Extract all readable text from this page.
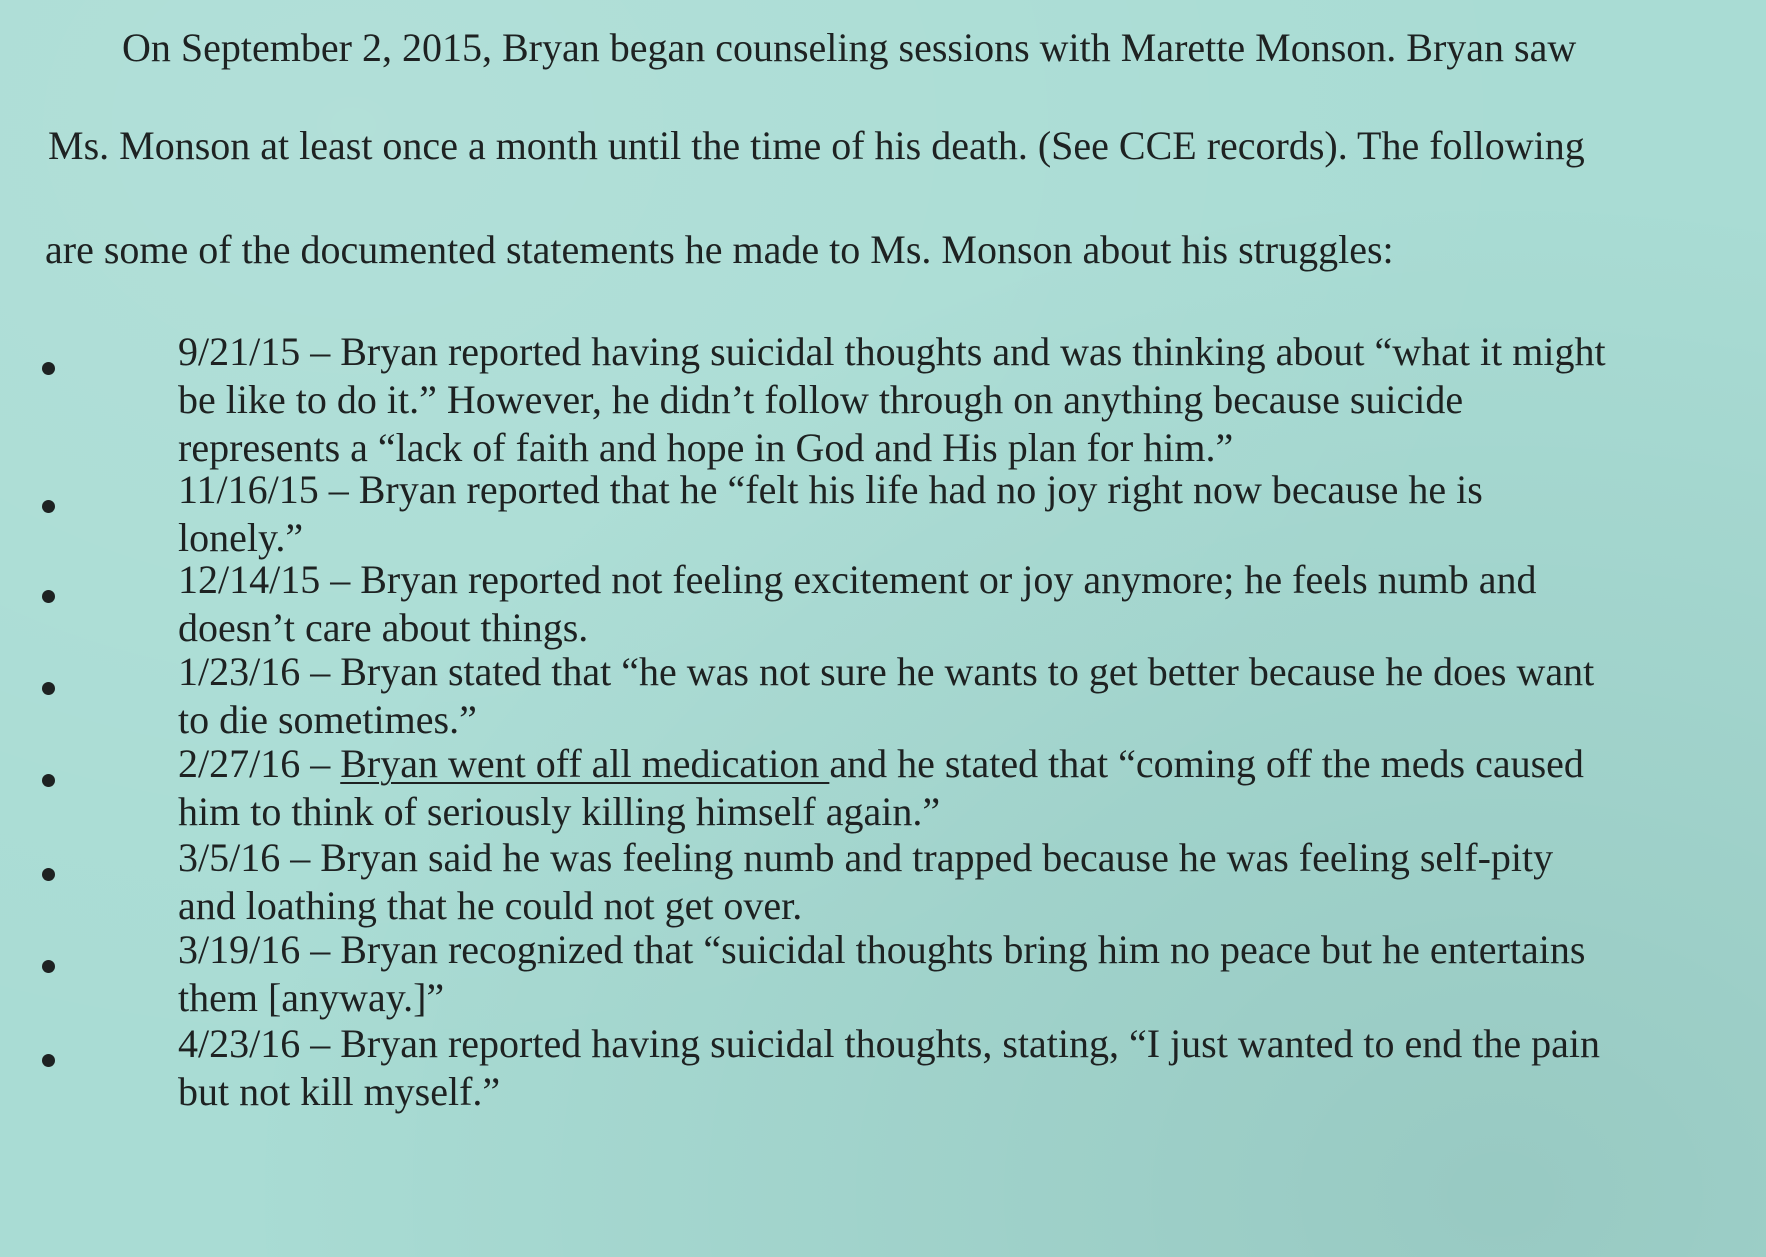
On September 2, 2015, Bryan began counseling sessions with Marette Monson. Bryan saw
Ms. Monson at least once a month until the time of his death. (See CCE records). The following
are some of the documented statements he made to Ms. Monson about his struggles:
9/21/15 – Bryan reported having suicidal thoughts and was thinking about “what it might
be like to do it.” However, he didn’t follow through on anything because suicide
represents a “lack of faith and hope in God and His plan for him.”
11/16/15 – Bryan reported that he “felt his life had no joy right now because he is
lonely.”
12/14/15 – Bryan reported not feeling excitement or joy anymore; he feels numb and
doesn’t care about things.
1/23/16 – Bryan stated that “he was not sure he wants to get better because he does want
to die sometimes.”
2/27/16 – Bryan went off all medication and he stated that “coming off the meds caused
him to think of seriously killing himself again.”
3/5/16 – Bryan said he was feeling numb and trapped because he was feeling self-pity
and loathing that he could not get over.
3/19/16 – Bryan recognized that “suicidal thoughts bring him no peace but he entertains
them [anyway.]”
4/23/16 – Bryan reported having suicidal thoughts, stating, “I just wanted to end the pain
but not kill myself.”
